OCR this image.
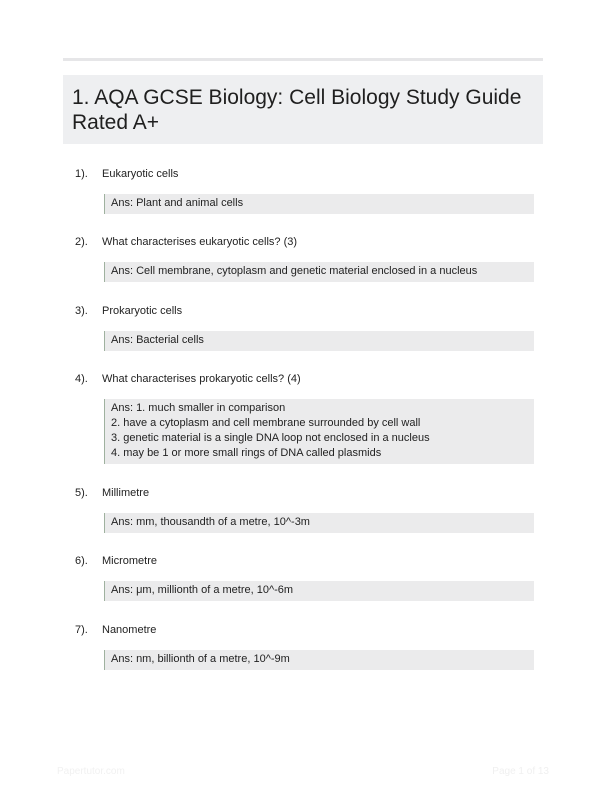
1. AQA GCSE Biology: Cell Biology Study Guide Rated A+
1). Eukaryotic cells
Ans: Plant and animal cells
2). What characterises eukaryotic cells? (3)
Ans: Cell membrane, cytoplasm and genetic material enclosed in a nucleus
3). Prokaryotic cells
Ans: Bacterial cells
4). What characterises prokaryotic cells? (4)
Ans: 1. much smaller in comparison
2. have a cytoplasm and cell membrane surrounded by cell wall
3. genetic material is a single DNA loop not enclosed in a nucleus
4. may be 1 or more small rings of DNA called plasmids
5). Millimetre
Ans: mm, thousandth of a metre, 10^-3m
6). Micrometre
Ans: μm, millionth of a metre, 10^-6m
7). Nanometre
Ans: nm, billionth of a metre, 10^-9m
Papertutor.com	Page 1 of 13
